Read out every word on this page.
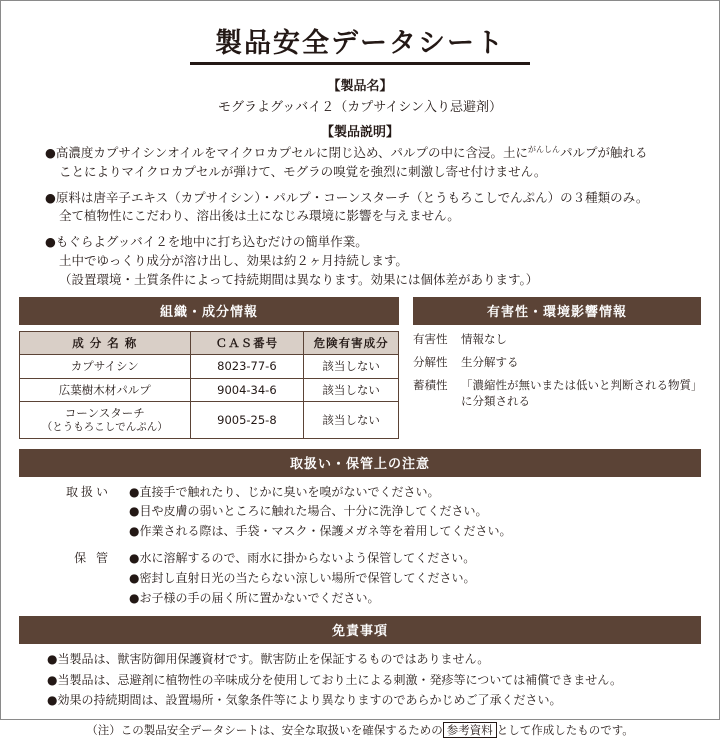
製品安全データシート
【製品名】
モグラよグッバイ２（カプサイシン入り忌避剤）
【製品説明】

●高濃度カプサイシンオイルをマイクロカプセルに閉じ込め、パルプの中に含浸。土に$^{がんしん}$パルプが触れる
ことによりマイクロカプセルが弾けて、モグラの嗅覚を強烈に刺激し寄せ付けません。

●原料は唐辛子エキス（カプサイシン）・パルプ・コーンスターチ（とうもろこしでんぷん）の３種類のみ。
全て植物性にこだわり、溶出後は土になじみ環境に影響を与えません。

●もぐらよグッバイ２を地中に打ち込むだけの簡単作業。
土中でゆっくり成分が溶け出し、効果は約２ヶ月持続します。
（設置環境・土質条件によって持続期間は異なります。効果には個体差があります。）

組織・成分情報
成 分 名 称	ＣＡＳ番号	危険有害成分
カプサイシン	8023-77-6	該当しない
広葉樹木材パルプ	9004-34-6	該当しない
コーンスターチ
（とうもろこしでんぷん）	9005-25-8	該当しない
有害性・環境影響情報
有害性	情報なし
分解性	生分解する
蓄積性	「濃縮性が無いまたは低いと判断される物質」に分類される
取扱い・保管上の注意
取扱い	●直接手で触れたり、じかに臭いを嗅がないでください。
●目や皮膚の弱いところに触れた場合、十分に洗浄してください。
●作業される際は、手袋・マスク・保護メガネ等を着用してください。
保 管	●水に溶解するので、雨水に掛からないよう保管してください。
●密封し直射日光の当たらない涼しい場所で保管してください。
●お子様の手の届く所に置かないでください。
免責事項
●当製品は、獣害防御用保護資材です。獣害防止を保証するものではありません。
●当製品は、忌避剤に植物性の辛味成分を使用しており土による刺激・発疹等については補償できません。
●効果の持続期間は、設置場所・気象条件等により異なりますのであらかじめご了承ください。
（注）この製品安全データシートは、安全な取扱いを確保するための 参考資料 として作成したものです。
